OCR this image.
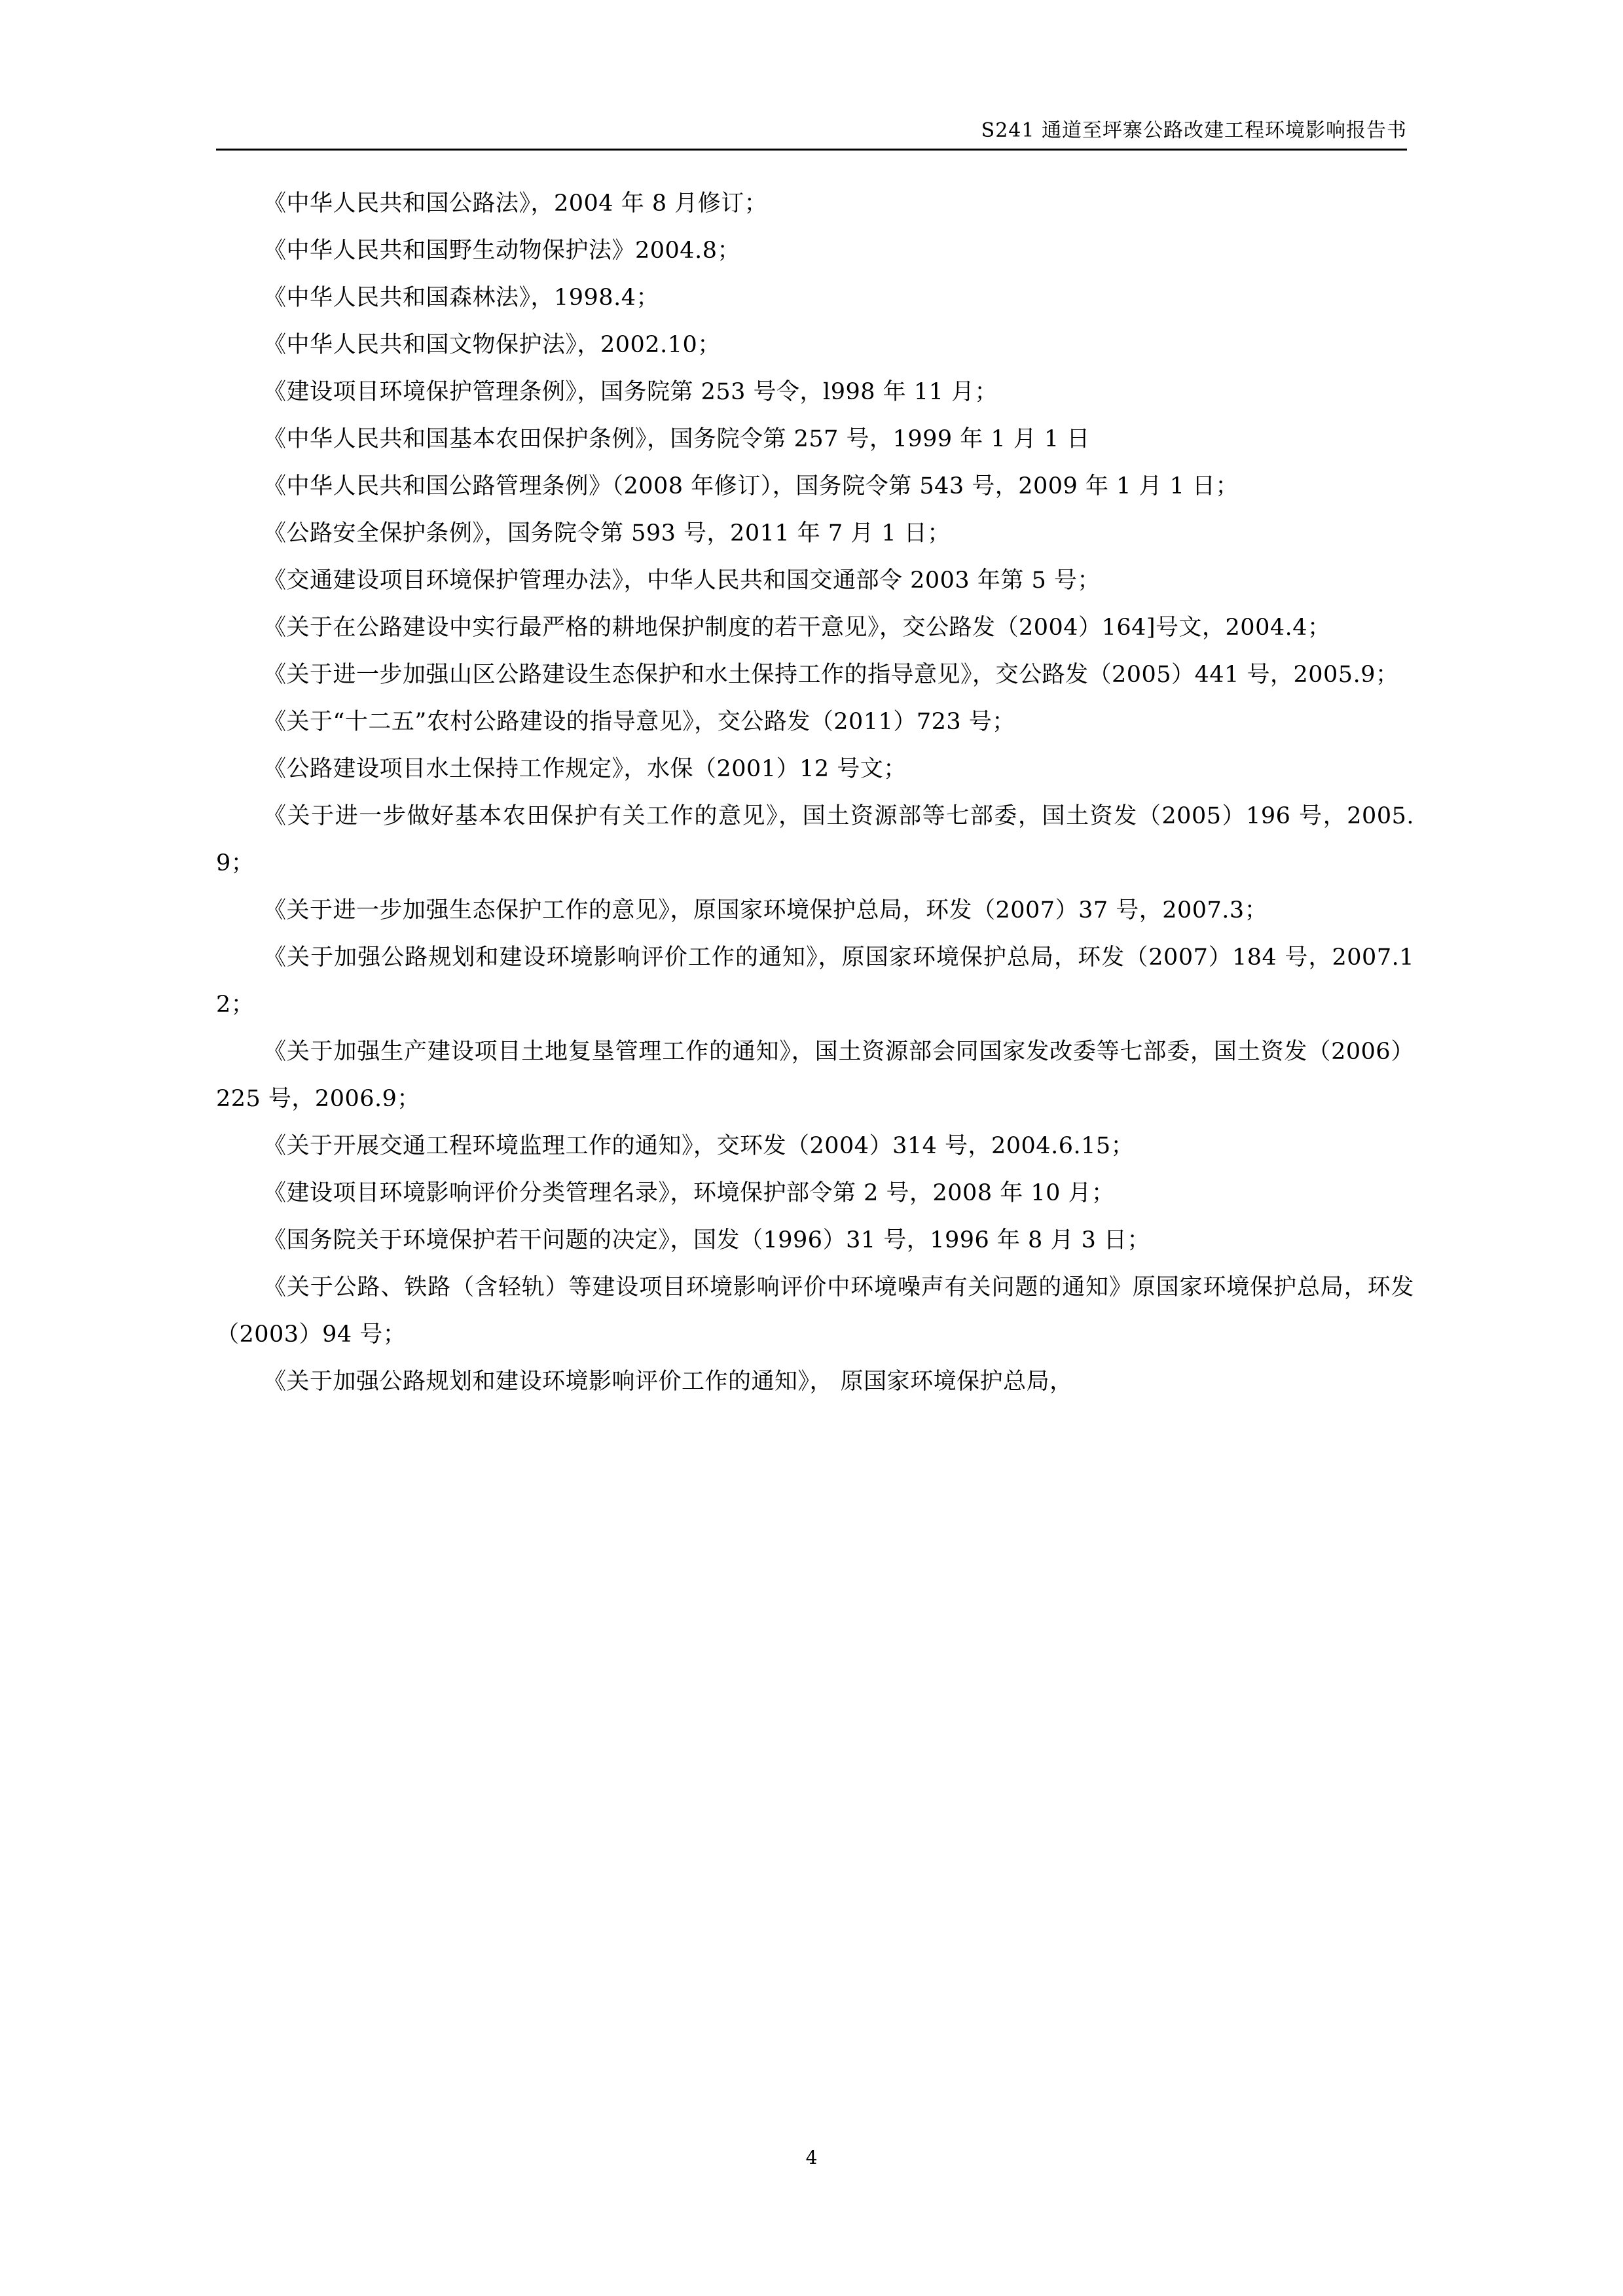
S241 通道至坪寨公路改建工程环境影响报告书

《中华人民共和国公路法》，2004 年 8 月修订；

《中华人民共和国野生动物保护法》2004.8；

《中华人民共和国森林法》，1998.4；

《中华人民共和国文物保护法》，2002.10；

《建设项目环境保护管理条例》，国务院第 253 号令，l998 年 11 月；

《中华人民共和国基本农田保护条例》，国务院令第 257 号，1999 年 1 月 1 日

《中华人民共和国公路管理条例》（2008 年修订），国务院令第 543 号，2009 年 1 月 1 日；

《公路安全保护条例》，国务院令第 593 号，2011 年 7 月 1 日；

《交通建设项目环境保护管理办法》，中华人民共和国交通部令 2003 年第 5 号；

《关于在公路建设中实行最严格的耕地保护制度的若干意见》，交公路发（2004）164]号文，2004.4；

《关于进一步加强山区公路建设生态保护和水土保持工作的指导意见》，交公路发（2005）441 号，2005.9；

《关于“十二五”农村公路建设的指导意见》，交公路发（2011）723 号；

《公路建设项目水土保持工作规定》，水保（2001）12 号文；

《关于进一步做好基本农田保护有关工作的意见》，国土资源部等七部委，国土资发（2005）196 号，2005.9；

《关于进一步加强生态保护工作的意见》，原国家环境保护总局，环发（2007）37 号，2007.3；

《关于加强公路规划和建设环境影响评价工作的通知》，原国家环境保护总局，环发（2007）184 号，2007.12；

《关于加强生产建设项目土地复垦管理工作的通知》，国土资源部会同国家发改委等七部委，国土资发（2006）225 号，2006.9；

《关于开展交通工程环境监理工作的通知》，交环发（2004）314 号，2004.6.15；

《建设项目环境影响评价分类管理名录》，环境保护部令第 2 号，2008 年 10 月；

《国务院关于环境保护若干问题的决定》，国发（1996）31 号，1996 年 8 月 3 日；

《关于公路、铁路（含轻轨）等建设项目环境影响评价中环境噪声有关问题的通知》原国家环境保护总局，环发（2003）94 号；

《关于加强公路规划和建设环境影响评价工作的通知》， 原国家环境保护总局，

4
